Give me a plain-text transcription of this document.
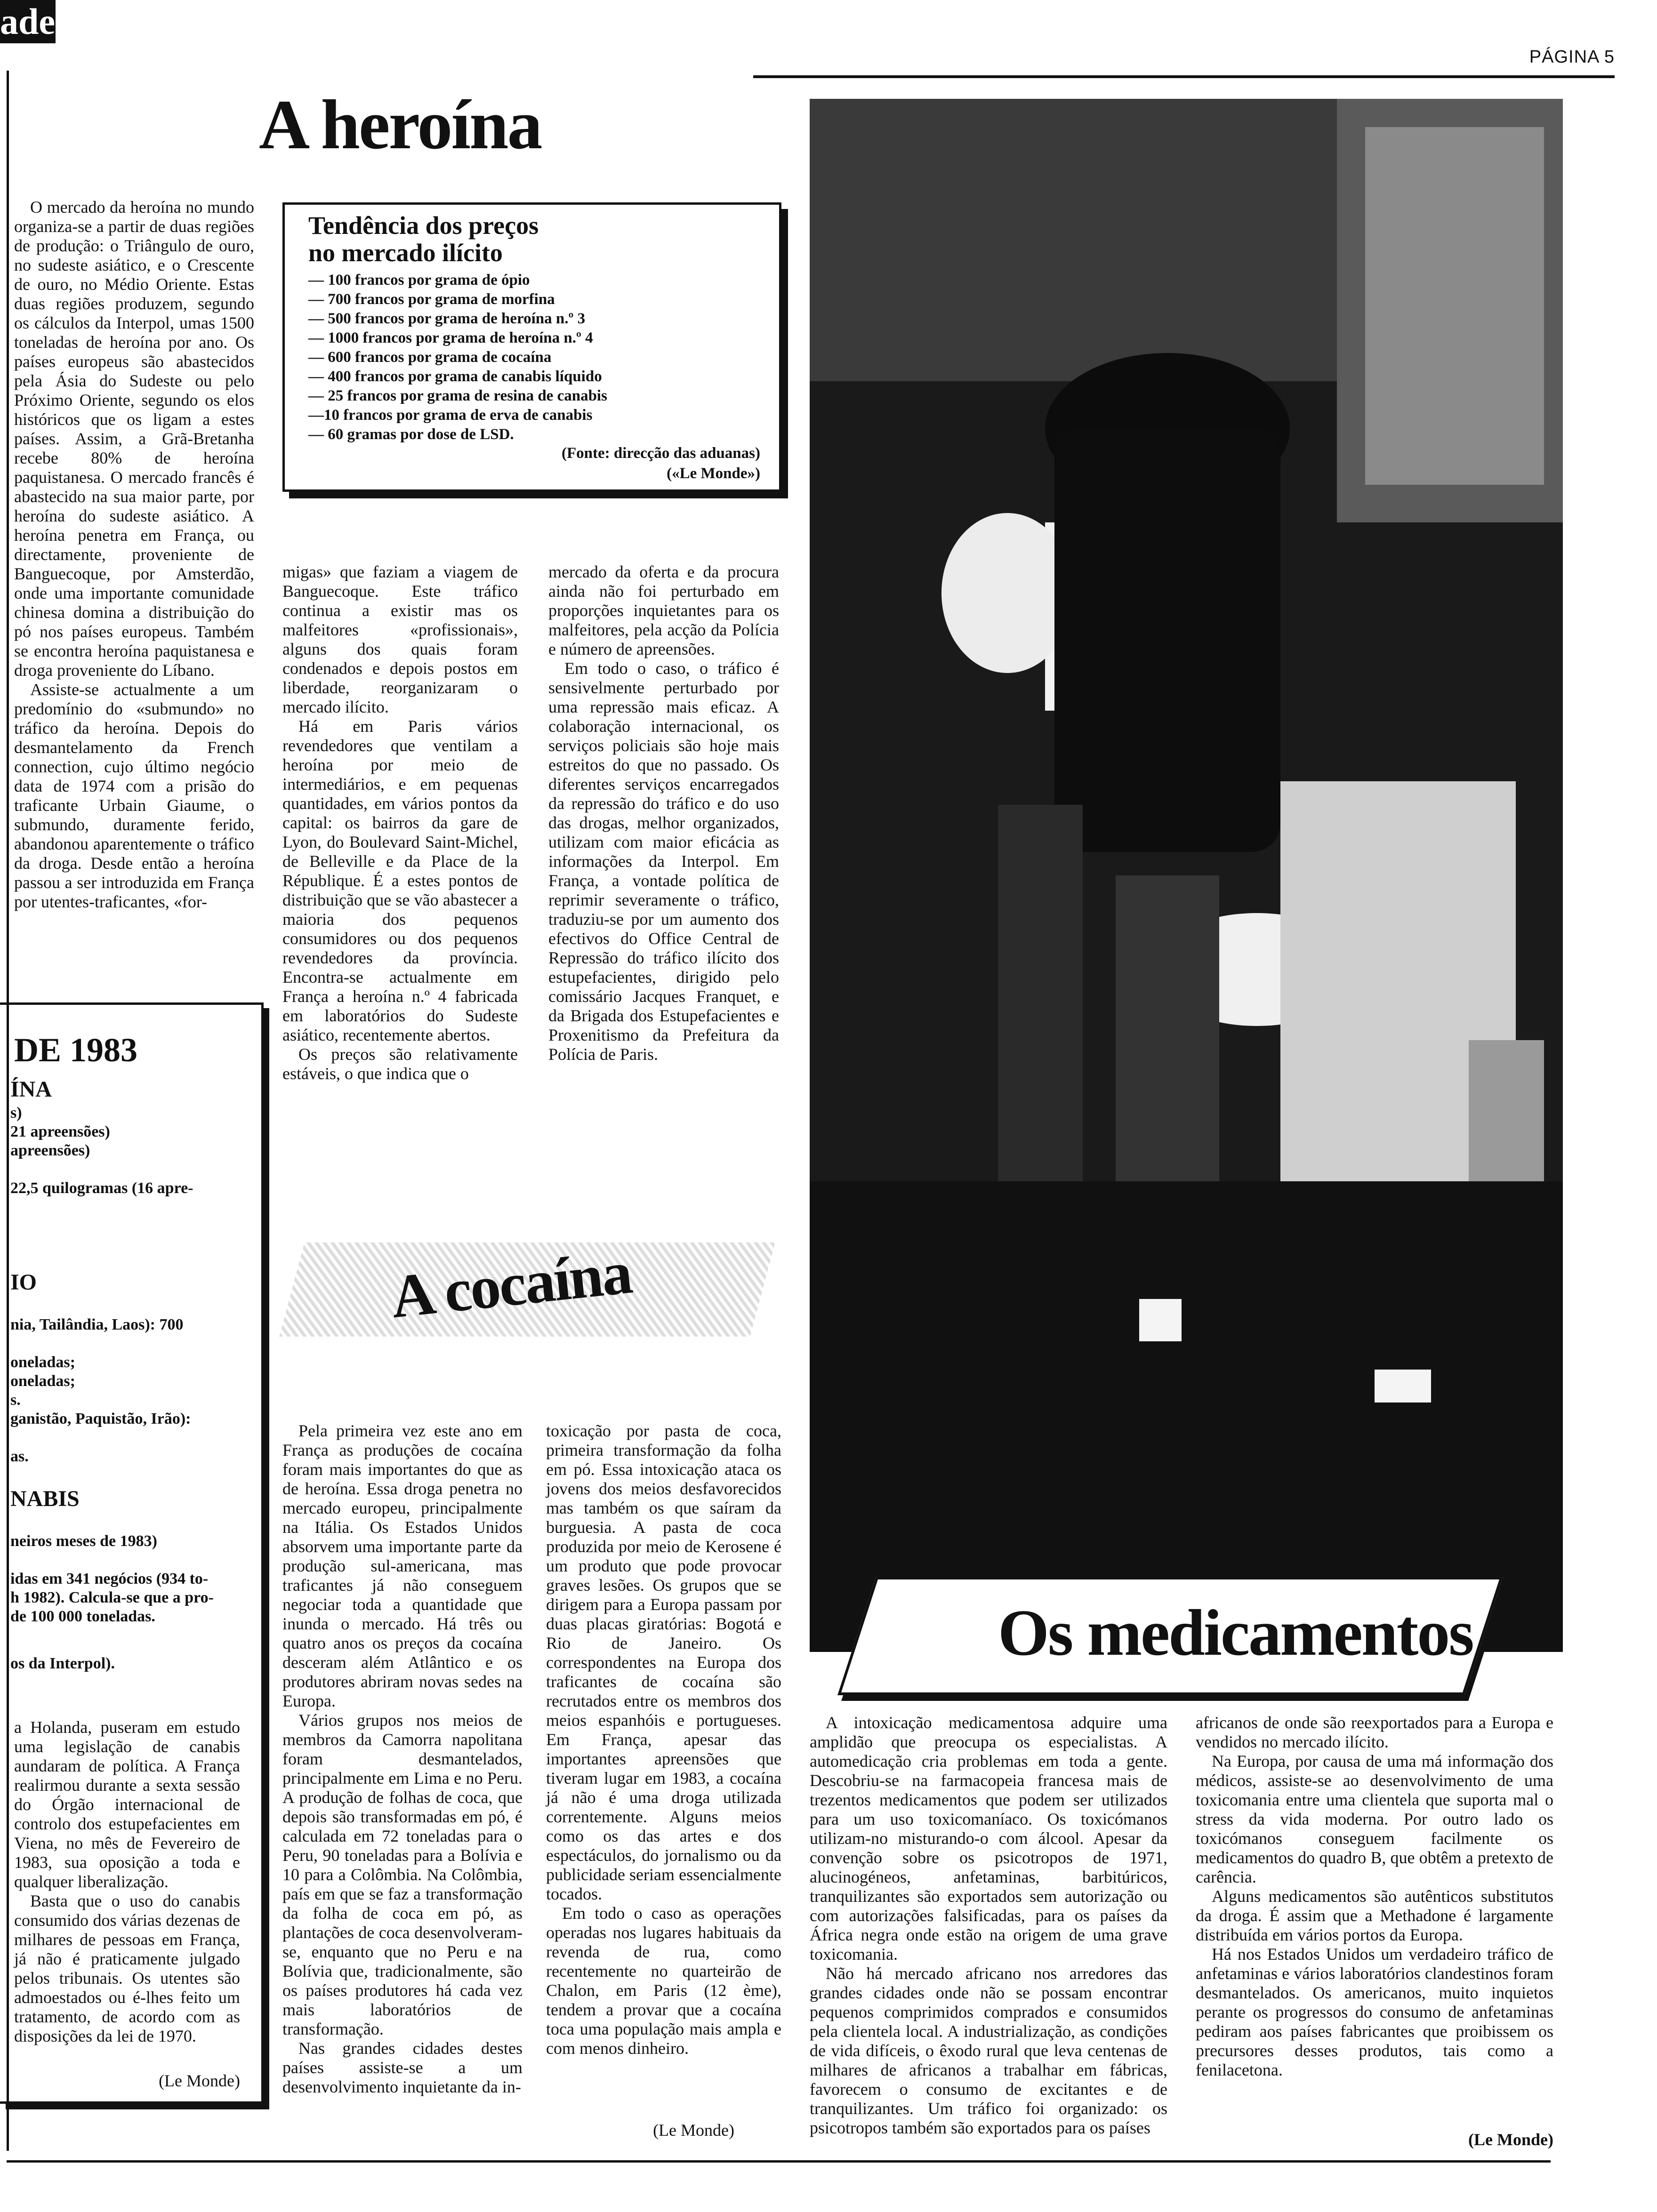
ade
PÁGINA 5
A heroína

O mercado da heroína no mundo organiza-se a partir de duas regiões de produção: o Triângulo de ouro, no sudeste asiático, e o Crescente de ouro, no Médio Oriente. Estas duas regiões produzem, segundo os cálculos da Interpol, umas 1500 toneladas de heroína por ano. Os países europeus são abastecidos pela Ásia do Sudeste ou pelo Próximo Oriente, segundo os elos históricos que os ligam a estes países. Assim, a Grã-Bretanha recebe 80% de heroína paquistanesa. O mercado francês é abastecido na sua maior parte, por heroína do sudeste asiático. A heroína penetra em França, ou directamente, proveniente de Banguecoque, por Amsterdão, onde uma importante comunidade chinesa domina a distribuição do pó nos países europeus. Também se encontra heroína paquistanesa e droga proveniente do Líbano.

Assiste-se actualmente a um predomínio do «submundo» no tráfico da heroína. Depois do desmantelamento da French connection, cujo último negócio data de 1974 com a prisão do traficante Urbain Giaume, o submundo, duramente ferido, abandonou aparentemente o tráfico da droga. Desde então a heroína passou a ser introduzida em França por utentes-traficantes, «for-

Tendência dos preços
no mercado ilícito
— 100 francos por grama de ópio
— 700 francos por grama de morfina
— 500 francos por grama de heroína n.º 3
— 1000 francos por grama de heroína n.º 4
— 600 francos por grama de cocaína
— 400 francos por grama de canabis líquido
— 25 francos por grama de resina de canabis
—10 francos por grama de erva de canabis
— 60 gramas por dose de LSD.
(Fonte: direcção das aduanas)
(«Le Monde»)

migas» que faziam a viagem de Banguecoque. Este tráfico continua a existir mas os malfeitores «profissionais», alguns dos quais foram condenados e depois postos em liberdade, reorganizaram o mercado ilícito.

Há em Paris vários revendedores que ventilam a heroína por meio de intermediários, e em pequenas quantidades, em vários pontos da capital: os bairros da gare de Lyon, do Boulevard Saint-Michel, de Belleville e da Place de la République. É a estes pontos de distribuição que se vão abastecer a maioria dos pequenos consumidores ou dos pequenos revendedores da província. Encontra-se actualmente em França a heroína n.º 4 fabricada em laboratórios do Sudeste asiático, recentemente abertos.

Os preços são relativamente estáveis, o que indica que o

mercado da oferta e da procura ainda não foi perturbado em proporções inquietantes para os malfeitores, pela acção da Polícia e número de apreensões.

Em todo o caso, o tráfico é sensivelmente perturbado por uma repressão mais eficaz. A colaboração internacional, os serviços policiais são hoje mais estreitos do que no passado. Os diferentes serviços encarregados da repressão do tráfico e do uso das drogas, melhor organizados, utilizam com maior eficácia as informações da Interpol. Em França, a vontade política de reprimir severamente o tráfico, traduziu-se por um aumento dos efectivos do Office Central de Repressão do tráfico ilícito dos estupefacientes, dirigido pelo comissário Jacques Franquet, e da Brigada dos Estupefacientes e Proxenitismo da Prefeitura da Polícia de Paris.

DE 1983
ÍNA
s)
21 apreensões)
apreensões)
22,5 quilogramas (16 apre-
IO
nia, Tailândia, Laos): 700
oneladas;
oneladas;
s.
ganistão, Paquistão, Irão):
as.
NABIS
neiros meses de 1983)
idas em 341 negócios (934 to-
h 1982). Calcula-se que a pro-
de 100 000 toneladas.
os da Interpol).

a Holanda, puseram em estudo uma legislação de canabis aundaram de política. A França realirmou durante a sexta sessão do Órgão internacional de controlo dos estupefacientes em Viena, no mês de Fevereiro de 1983, sua oposição a toda e qualquer liberalização.

Basta que o uso do canabis consumido dos várias dezenas de milhares de pessoas em França, já não é praticamente julgado pelos tribunais. Os utentes são admoestados ou é-lhes feito um tratamento, de acordo com as disposições da lei de 1970.

(Le Monde)
A cocaína

Pela primeira vez este ano em França as produções de cocaína foram mais importantes do que as de heroína. Essa droga penetra no mercado europeu, principalmente na Itália. Os Estados Unidos absorvem uma importante parte da produção sul-americana, mas traficantes já não conseguem negociar toda a quantidade que inunda o mercado. Há três ou quatro anos os preços da cocaína desceram além Atlântico e os produtores abriram novas sedes na Europa.

Vários grupos nos meios de membros da Camorra napolitana foram desmantelados, principalmente em Lima e no Peru. A produção de folhas de coca, que depois são transformadas em pó, é calculada em 72 toneladas para o Peru, 90 toneladas para a Bolívia e 10 para a Colômbia. Na Colômbia, país em que se faz a transformação da folha de coca em pó, as plantações de coca desenvolveram-se, enquanto que no Peru e na Bolívia que, tradicionalmente, são os países produtores há cada vez mais laboratórios de transformação.

Nas grandes cidades destes países assiste-se a um desenvolvimento inquietante da in-

toxicação por pasta de coca, primeira transformação da folha em pó. Essa intoxicação ataca os jovens dos meios desfavorecidos mas também os que saíram da burguesia. A pasta de coca produzida por meio de Kerosene é um produto que pode provocar graves lesões. Os grupos que se dirigem para a Europa passam por duas placas giratórias: Bogotá e Rio de Janeiro. Os correspondentes na Europa dos traficantes de cocaína são recrutados entre os membros dos meios espanhóis e portugueses. Em França, apesar das importantes apreensões que tiveram lugar em 1983, a cocaína já não é uma droga utilizada correntemente. Alguns meios como os das artes e dos espectáculos, do jornalismo ou da publicidade seriam essencialmente tocados.

Em todo o caso as operações operadas nos lugares habituais da revenda de rua, como recentemente no quarteirão de Chalon, em Paris (12 ème), tendem a provar que a cocaína toca uma população mais ampla e com menos dinheiro.

(Le Monde)
Os medicamentos

A intoxicação medicamentosa adquire uma amplidão que preocupa os especialistas. A automedicação cria problemas em toda a gente. Descobriu-se na farmacopeia francesa mais de trezentos medicamentos que podem ser utilizados para um uso toxicomaníaco. Os toxicómanos utilizam-no misturando-o com álcool. Apesar da convenção sobre os psicotropos de 1971, alucinogéneos, anfetaminas, barbitúricos, tranquilizantes são exportados sem autorização ou com autorizações falsificadas, para os países da África negra onde estão na origem de uma grave toxicomania.

Não há mercado africano nos arredores das grandes cidades onde não se possam encontrar pequenos comprimidos comprados e consumidos pela clientela local. A industrialização, as condições de vida difíceis, o êxodo rural que leva centenas de milhares de africanos a trabalhar em fábricas, favorecem o consumo de excitantes e de tranquilizantes. Um tráfico foi organizado: os psicotropos também são exportados para os países

africanos de onde são reexportados para a Europa e vendidos no mercado ilícito.

Na Europa, por causa de uma má informação dos médicos, assiste-se ao desenvolvimento de uma toxicomania entre uma clientela que suporta mal o stress da vida moderna. Por outro lado os toxicómanos conseguem facilmente os medicamentos do quadro B, que obtêm a pretexto de carência.

Alguns medicamentos são autênticos substitutos da droga. É assim que a Methadone é largamente distribuída em vários portos da Europa.

Há nos Estados Unidos um verdadeiro tráfico de anfetaminas e vários laboratórios clandestinos foram desmantelados. Os americanos, muito inquietos perante os progressos do consumo de anfetaminas pediram aos países fabricantes que proibissem os precursores desses produtos, tais como a fenilacetona.

(Le Monde)
